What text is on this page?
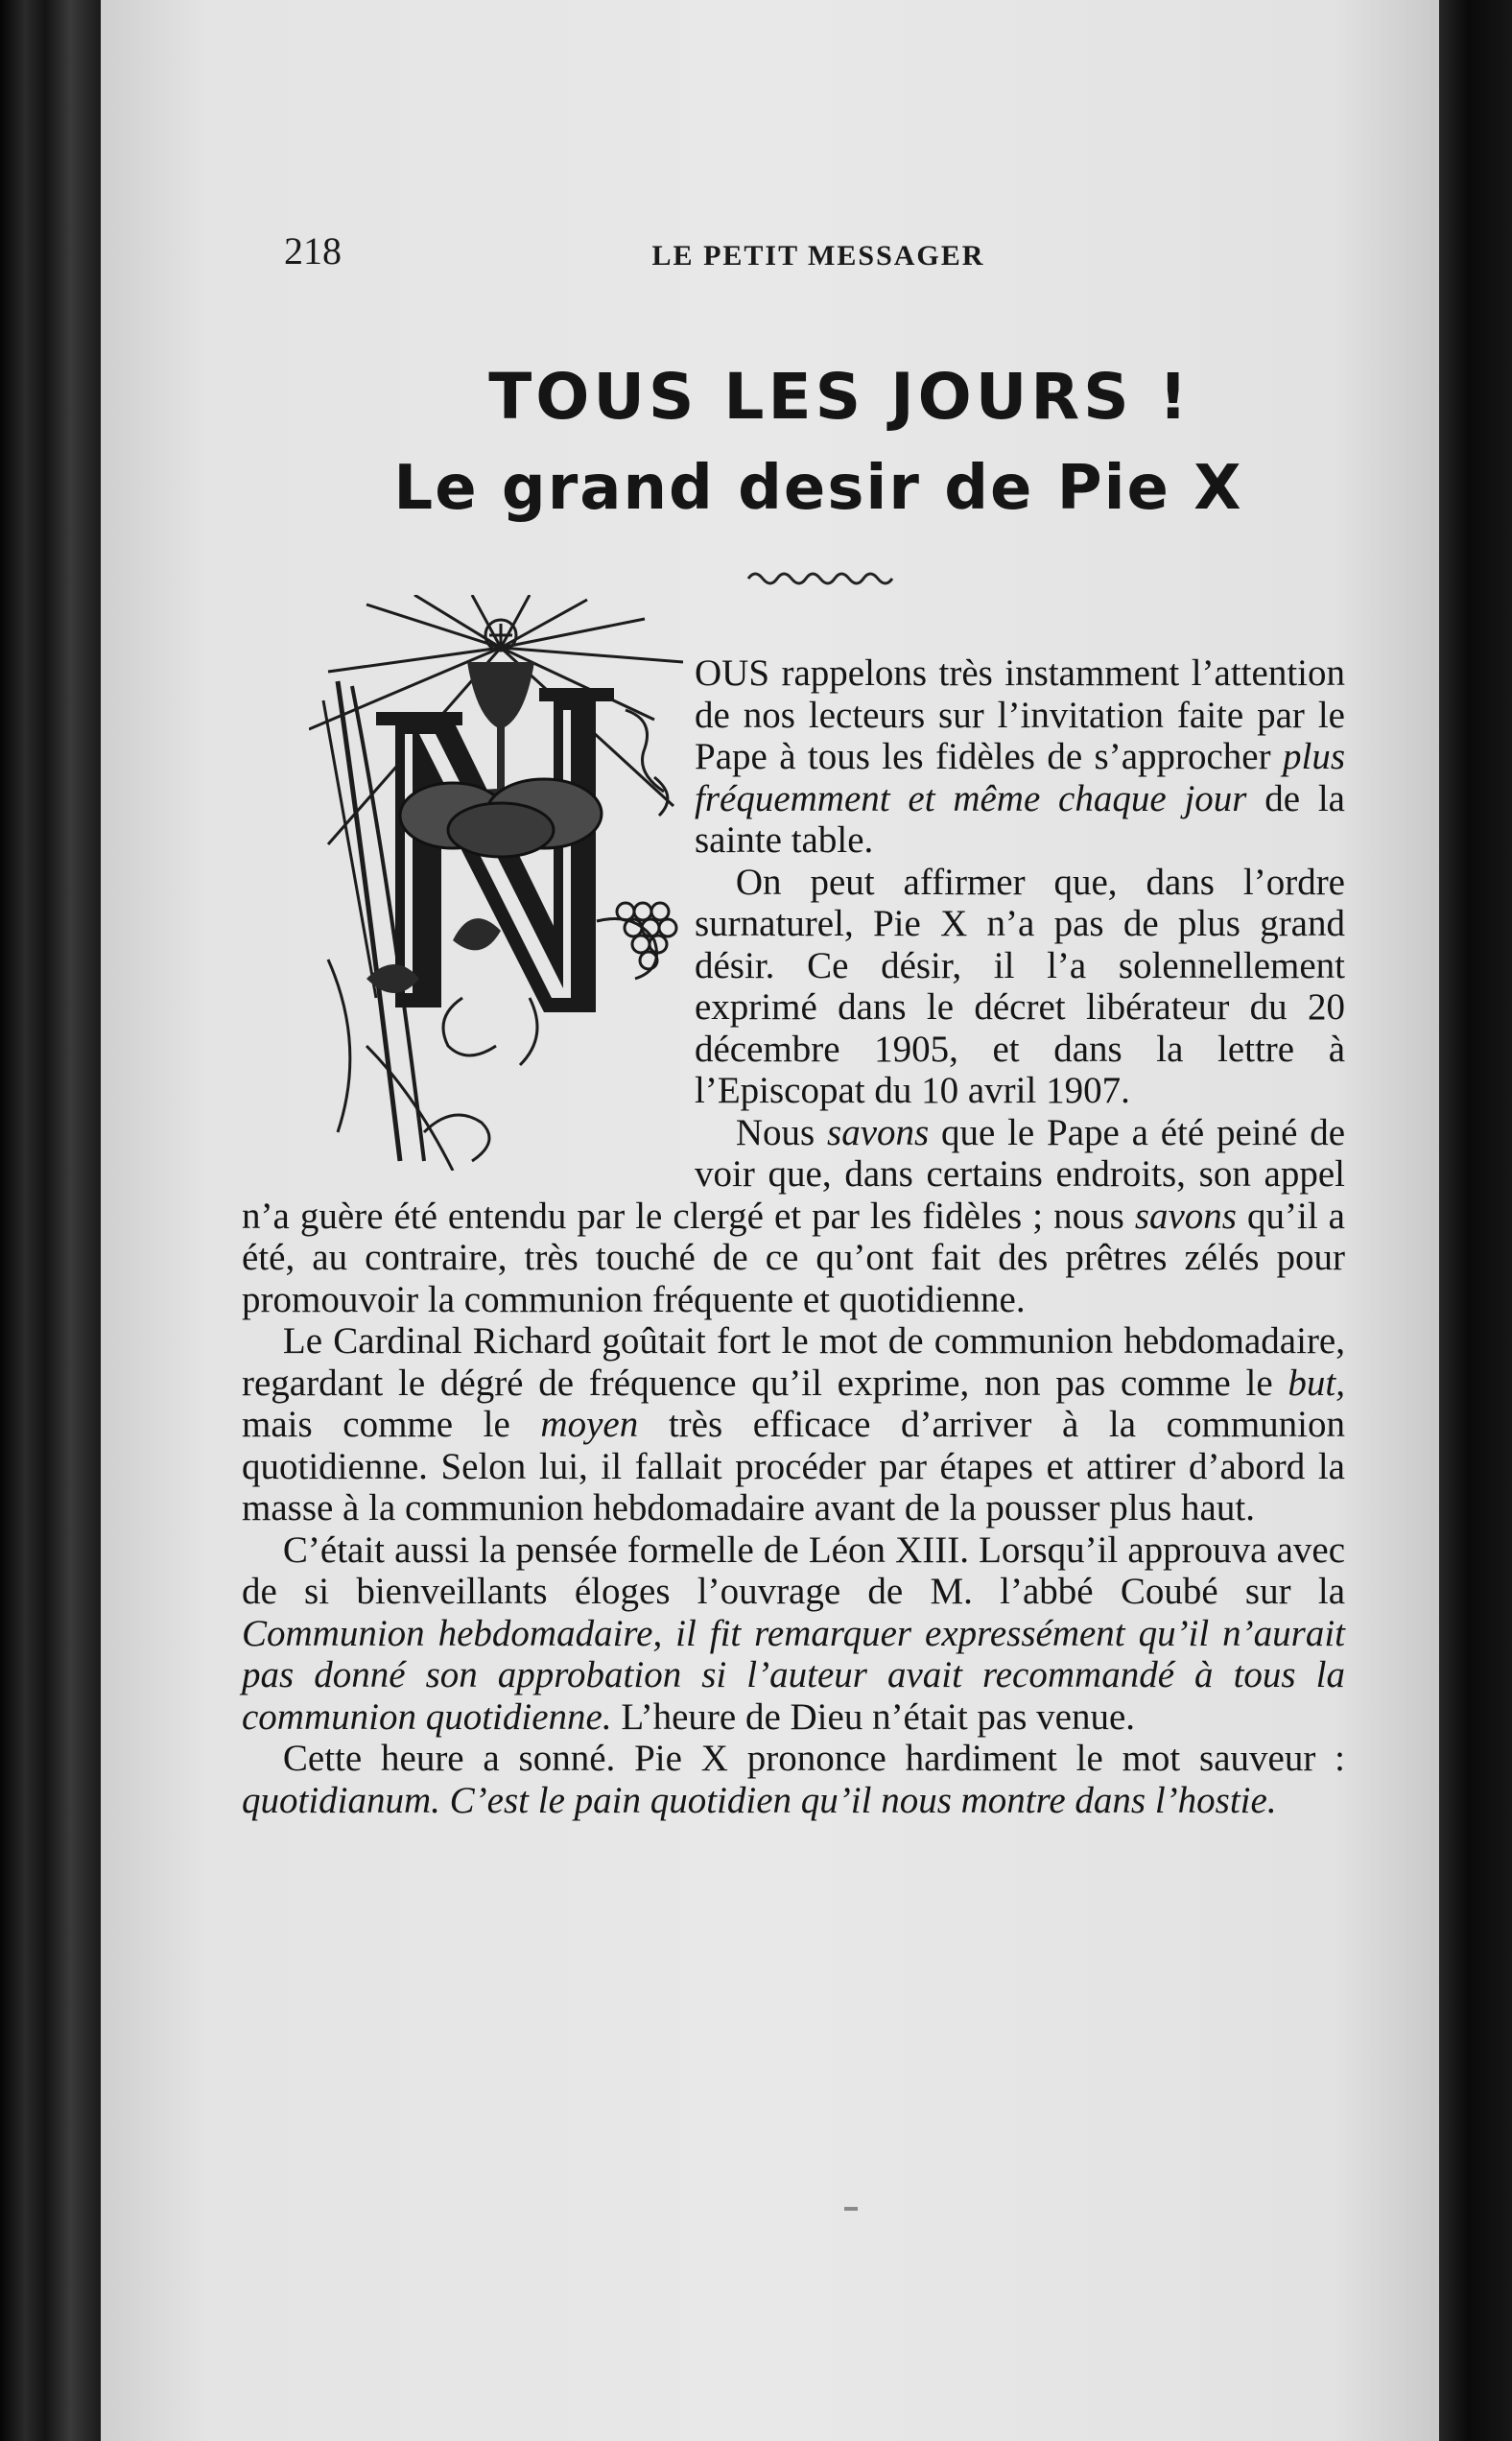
218	LE PETIT MESSAGER
TOUS LES JOURS !
Le grand desir de Pie X

OUS rappelons très instamment l’attention de nos lecteurs sur l’invitation faite par le Pape à tous les fidèles de s’approcher plus fréquemment et même chaque jour de la sainte table.

On peut affirmer que, dans l’ordre surnaturel, Pie X n’a pas de plus grand désir. Ce désir, il l’a solennellement exprimé dans le décret libérateur du 20 décembre 1905, et dans la lettre à l’Episcopat du 10 avril 1907.

Nous savons que le Pape a été peiné de voir que, dans certains endroits, son appel n’a guère été entendu par le clergé et par les fidèles ; nous savons qu’il a été, au contraire, très touché de ce qu’ont fait des prêtres zélés pour promouvoir la communion fréquente et quotidienne.

Le Cardinal Richard goûtait fort le mot de communion hebdomadaire, regardant le dégré de fréquence qu’il exprime, non pas comme le but, mais comme le moyen très efficace d’arriver à la communion quotidienne. Selon lui, il fallait procéder par étapes et attirer d’abord la masse à la communion hebdomadaire avant de la pousser plus haut.

C’était aussi la pensée formelle de Léon XIII. Lorsqu’il approuva avec de si bienveillants éloges l’ouvrage de M. l’abbé Coubé sur la Communion hebdomadaire, il fit remarquer expressément qu’il n’aurait pas donné son approbation si l’auteur avait recommandé à tous la communion quotidienne. L’heure de Dieu n’était pas venue.

Cette heure a sonné. Pie X prononce hardiment le mot sauveur : quotidianum. C’est le pain quotidien qu’il nous montre dans l’hostie.
